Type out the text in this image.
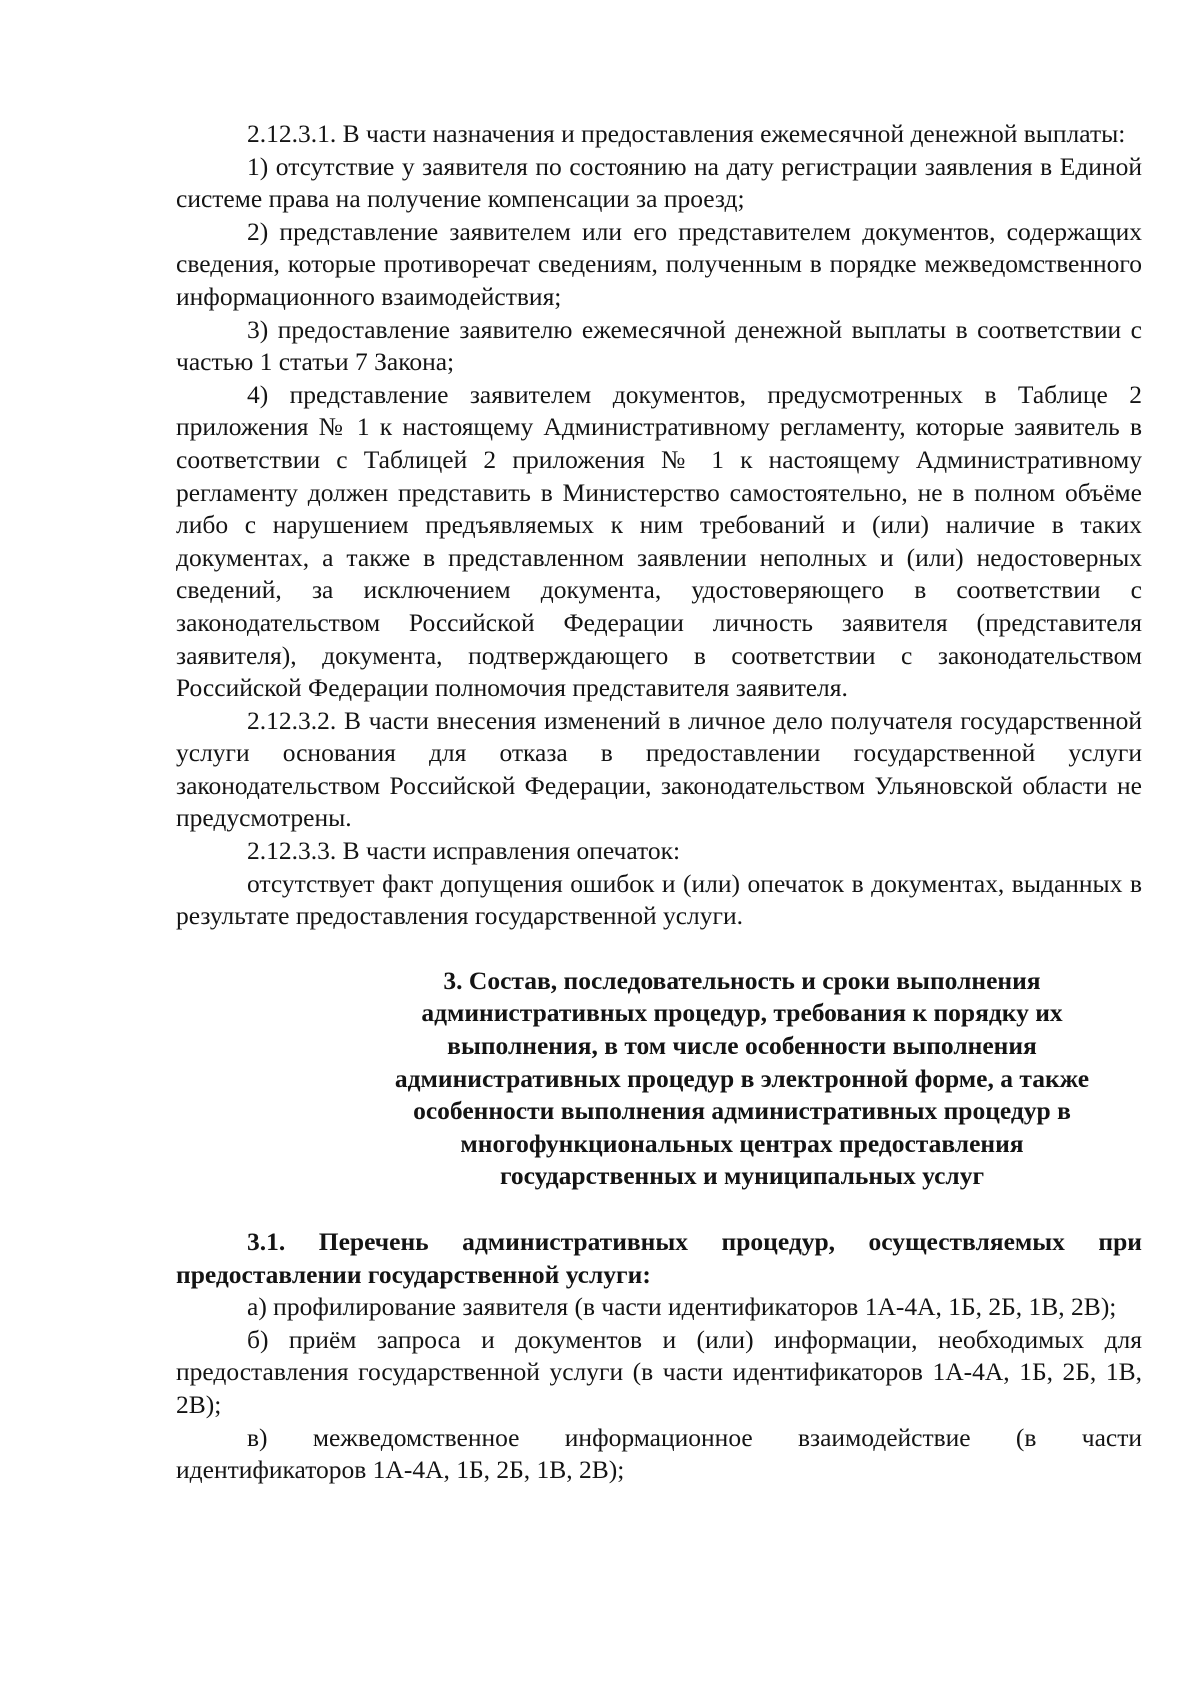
2.12.3.1. В части назначения и предоставления ежемесячной денежной выплаты:

1) отсутствие у заявителя по состоянию на дату регистрации заявления в Единой системе права на получение компенсации за проезд;

2) представление заявителем или его представителем документов, содержащих сведения, которые противоречат сведениям, полученным в порядке межведомственного информационного взаимодействия;

3) предоставление заявителю ежемесячной денежной выплаты в соответствии с частью 1 статьи 7 Закона;

4) представление заявителем документов, предусмотренных в Таблице 2 приложения № 1 к настоящему Административному регламенту, которые заявитель в соответствии с Таблицей 2 приложения № 1 к настоящему Административному регламенту должен представить в Министерство самостоятельно, не в полном объёме либо с нарушением предъявляемых к ним требований и (или) наличие в таких документах, а также в представленном заявлении неполных и (или) недостоверных сведений, за исключением документа, удостоверяющего в соответствии с законодательством Российской Федерации личность заявителя (представителя заявителя), документа, подтверждающего в соответствии с законодательством Российской Федерации полномочия представителя заявителя.

2.12.3.2. В части внесения изменений в личное дело получателя государственной услуги основания для отказа в предоставлении государственной услуги законодательством Российской Федерации, законодательством Ульяновской области не предусмотрены.

2.12.3.3. В части исправления опечаток:

отсутствует факт допущения ошибок и (или) опечаток в документах, выданных в результате предоставления государственной услуги.

3. Состав, последовательность и сроки выполнения
административных процедур, требования к порядку их
выполнения, в том числе особенности выполнения
административных процедур в электронной форме, а также
особенности выполнения административных процедур в
многофункциональных центрах предоставления
государственных и муниципальных услуг

3.1. Перечень административных процедур, осуществляемых при предоставлении государственной услуги:

а) профилирование заявителя (в части идентификаторов 1А-4А, 1Б, 2Б, 1В, 2В);

б) приём запроса и документов и (или) информации, необходимых для предоставления государственной услуги (в части идентификаторов 1А-4А, 1Б, 2Б, 1В, 2В);

в) межведомственное информационное взаимодействие (в части идентификаторов 1А-4А, 1Б, 2Б, 1В, 2В);
